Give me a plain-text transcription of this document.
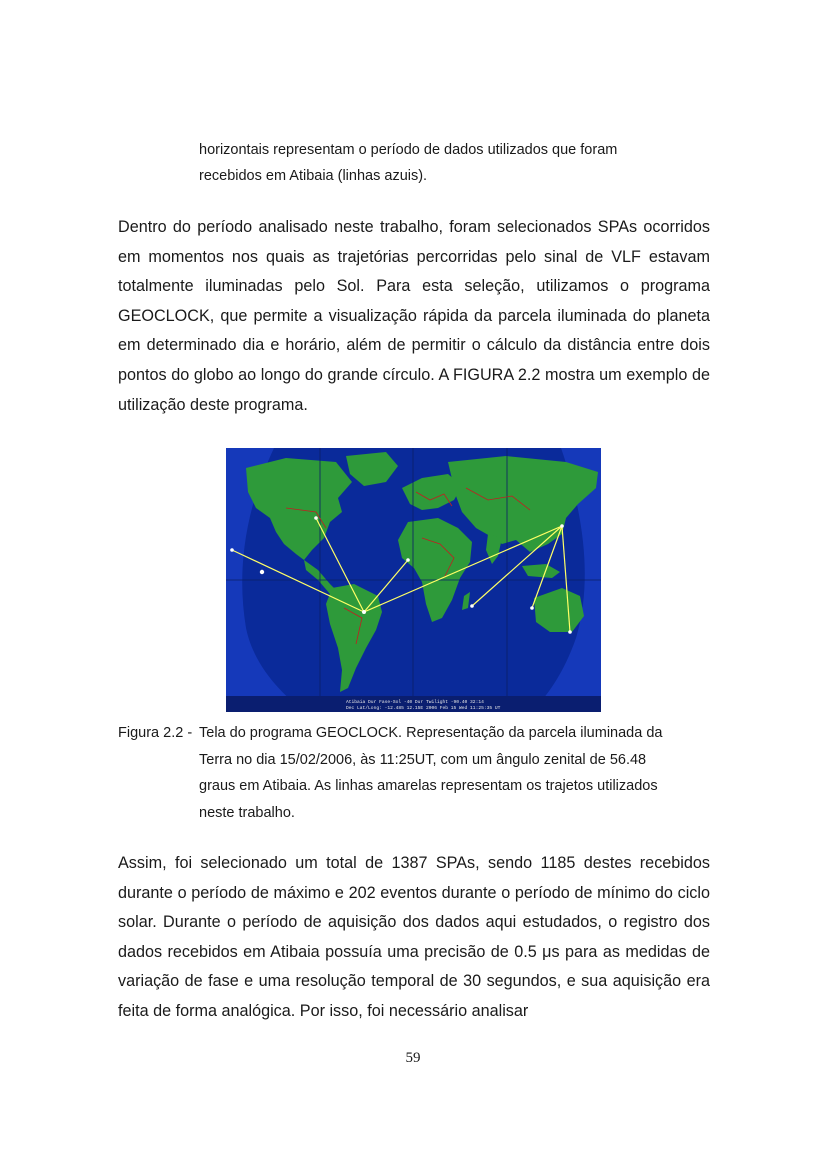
horizontais representam o período de dados utilizados que foram
recebidos em Atibaia (linhas azuis).
Dentro do período analisado neste trabalho, foram selecionados SPAs ocorridos em momentos nos quais as trajetórias percorridas pelo sinal de VLF estavam totalmente iluminadas pelo Sol. Para esta seleção, utilizamos o programa GEOCLOCK, que permite a visualização rápida da parcela iluminada do planeta em determinado dia e horário, além de permitir o cálculo da distância entre dois pontos do globo ao longo do grande círculo. A FIGURA 2.2 mostra um exemplo de utilização deste programa.
Atibaia Dur Fase-Sol -40 Dur Twilight -90.40 32:14
Dec Lat/Long: -12.485 12.15E 2006 Feb 15 Wed 11:25:35 UT
Figura 2.2 - Tela do programa GEOCLOCK. Representação da parcela iluminada da
Terra no dia 15/02/2006, às 11:25UT, com um ângulo zenital de 56.48
graus em Atibaia. As linhas amarelas representam os trajetos utilizados
neste trabalho.
Assim, foi selecionado um total de 1387 SPAs, sendo 1185 destes recebidos durante o período de máximo e 202 eventos durante o período de mínimo do ciclo solar. Durante o período de aquisição dos dados aqui estudados, o registro dos dados recebidos em Atibaia possuía uma precisão de 0.5 μs para as medidas de variação de fase e uma resolução temporal de 30 segundos, e sua aquisição era feita de forma analógica. Por isso, foi necessário analisar
59
